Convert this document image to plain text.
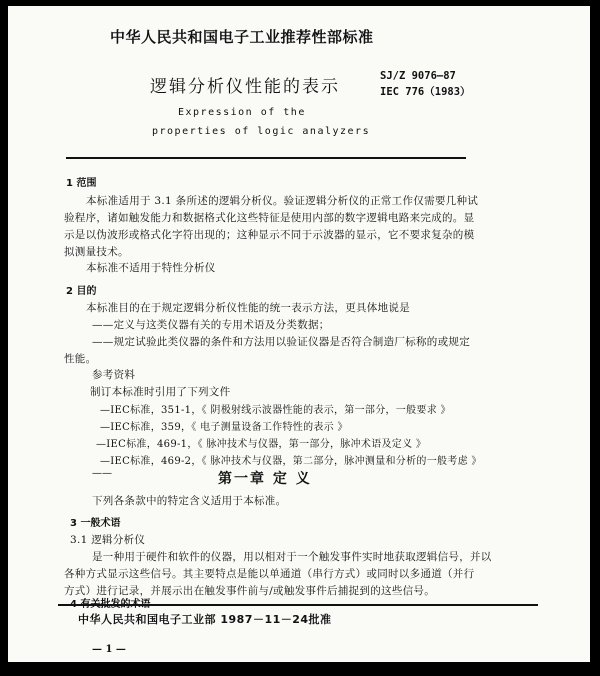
中华人民共和国电子工业推荐性部标准
逻辑分析仪性能的表示
SJ/Z 9076—87
IEC 776（1983）
Expression of the
properties of logic analyzers
1 范围
本标准适用于 3.1 条所述的逻辑分析仪。验证逻辑分析仪的正常工作仅需要几种试
验程序，诸如触发能力和数据格式化这些特征是使用内部的数字逻辑电路来完成的。显
示是以伪波形或格式化字符出现的；这种显示不同于示波器的显示，它不要求复杂的模
拟测量技术。
本标准不适用于特性分析仪
2 目的
本标准目的在于规定逻辑分析仪性能的统一表示方法，更具体地说是
——定义与这类仪器有关的专用术语及分类数据；
——规定试验此类仪器的条件和方法用以验证仪器是否符合制造厂标称的或规定
性能。
参考资料
制订本标准时引用了下列文件
—IEC标准，351-1，《 阴极射线示波器性能的表示，第一部分，一般要求 》
—IEC标准，359，《 电子测量设备工作特性的表示 》
—IEC标准，469-1，《 脉冲技术与仪器，第一部分，脉冲术语及定义 》
—IEC标准，469-2，《 脉冲技术与仪器，第二部分，脉冲测量和分析的一般考虑 》
——	第一章 定 义
下列各条款中的特定含义适用于本标准。
3 一般术语
3.1 逻辑分析仪
是一种用于硬件和软件的仪器，用以相对于一个触发事件实时地获取逻辑信号，并以
各种方式显示这些信号。其主要特点是能以单通道（串行方式）或同时以多通道（并行
方式）进行记录，并展示出在触发事件前与/或触发事件后捕捉到的这些信号。
中华人民共和国电子工业部 1987－11－24批准
— 1 —
